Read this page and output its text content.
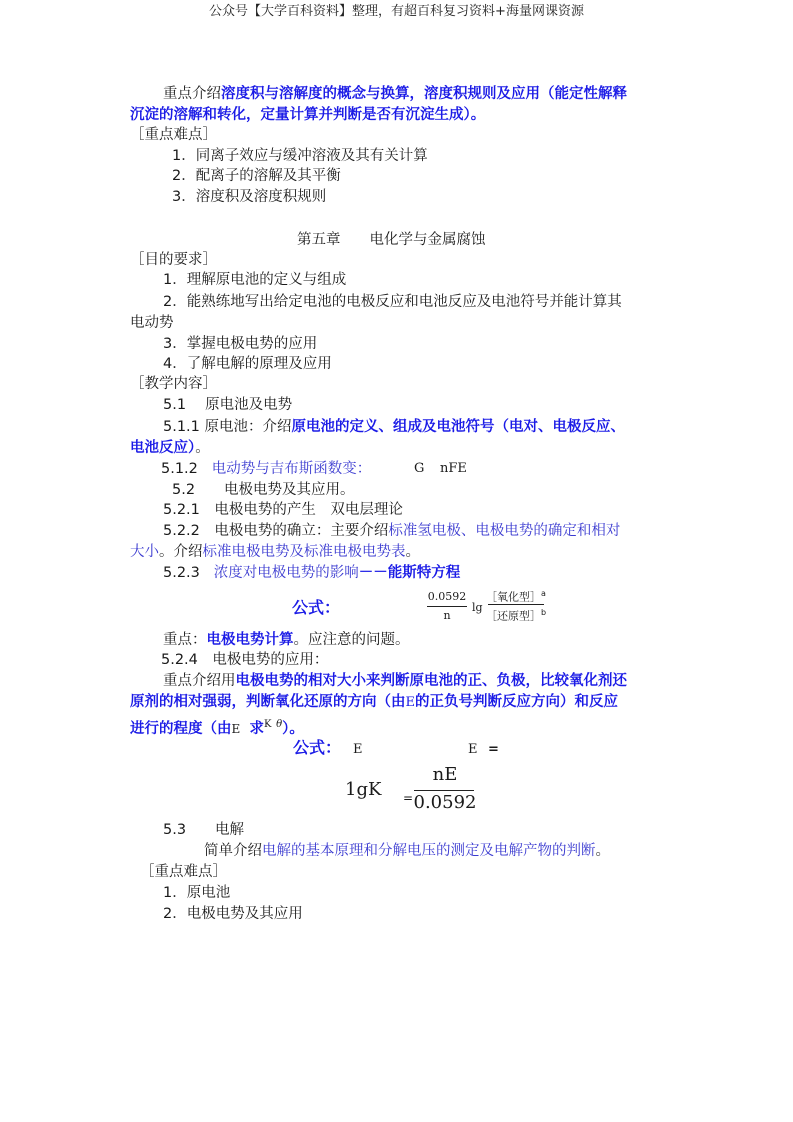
公众号【大学百科资料】整理，有超百科复习资料+海量网课资源
重点介绍溶度积与溶解度的概念与换算，溶度积规则及应用（能定性解释
沉淀的溶解和转化，定量计算并判断是否有沉淀生成）。
［重点难点］
1．同离子效应与缓冲溶液及其有关计算
2．配离子的溶解及其平衡
3．溶度积及溶度积规则
第五章　　电化学与金属腐蚀
［目的要求］
1．理解原电池的定义与组成
2．能熟练地写出给定电池的电极反应和电池反应及电池符号并能计算其
电动势
3．掌握电极电势的应用
4．了解电解的原理及应用
［教学内容］
5.1　 原电池及电势
5.1.1 原电池：介绍原电池的定义、组成及电池符号（电对、电极反应、
电池反应）。
5.1.2 电动势与吉布斯函数变：	G nFE
5.2　　电极电势及其应用。
5.2.1　电极电势的产生　双电层理论
5.2.2　电极电势的确立：主要介绍标准氢电极、电极电势的确定和相对
大小。介绍标准电极电势及标准电极电势表。
5.2.3 浓度对电极电势的影响－－能斯特方程
公式：
0.0592
n
lg
［氧化型］$^a$
［还原型］$^b$
重点：电极电势计算。应注意的问题。
5.2.4　电极电势的应用：
重点介绍用电极电势的相对大小来判断原电池的正、负极，比较氧化剂还
原剂的相对强弱，判断氧化还原的方向（由E的正负号判断反应方向）和反应
进行的程度（由E 求$^K$ $^\theta$）。
公式： E	E =
1gK =
nE
0.0592
5.3　　电解
简单介绍电解的基本原理和分解电压的测定及电解产物的判断。
［重点难点］
1．原电池
2．电极电势及其应用
